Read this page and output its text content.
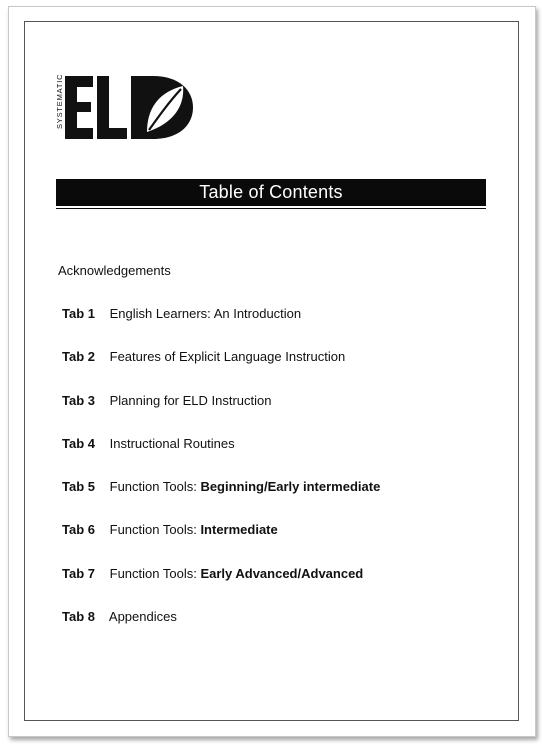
SYSTEMATIC
Table of Contents
Acknowledgements
Tab 1 English Learners: An Introduction
Tab 2 Features of Explicit Language Instruction
Tab 3 Planning for ELD Instruction
Tab 4 Instructional Routines
Tab 5 Function Tools: Beginning/Early intermediate
Tab 6 Function Tools: Intermediate
Tab 7 Function Tools: Early Advanced/Advanced
Tab 8 Appendices
